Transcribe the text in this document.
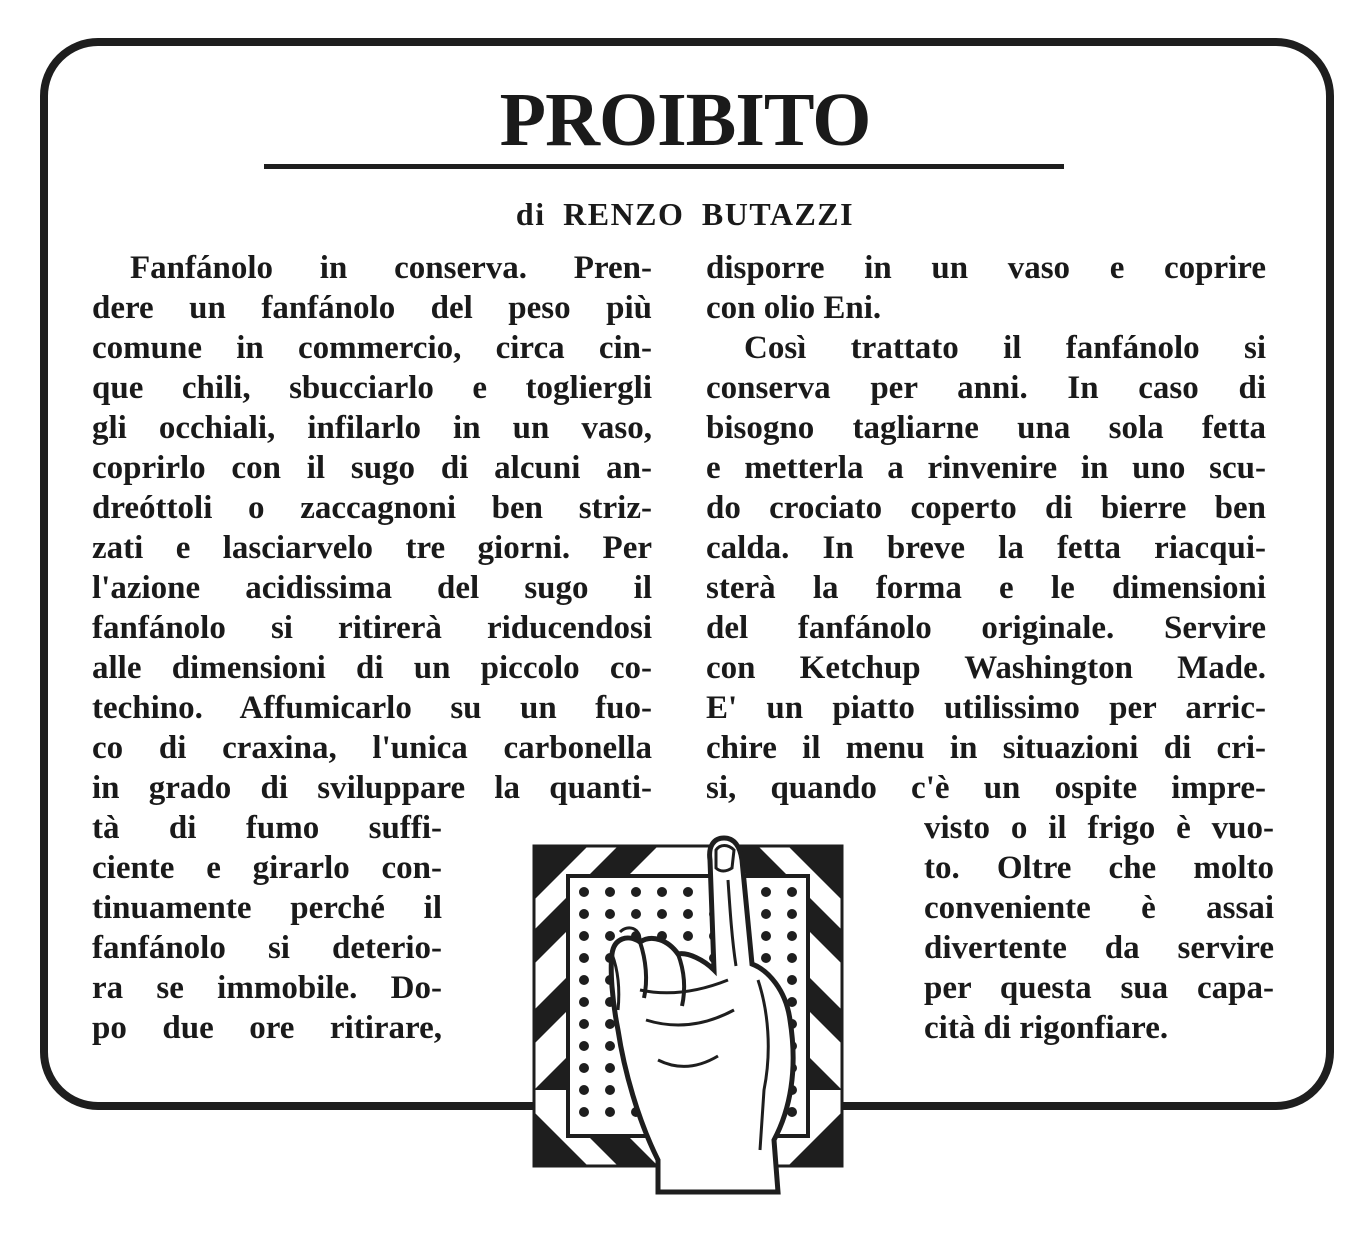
PROIBITO
di RENZO BUTAZZI
Fanfánolo in conserva. Pren-
dere un fanfánolo del peso più
comune in commercio, circa cin-
que chili, sbucciarlo e togliergli
gli occhiali, infilarlo in un vaso,
coprirlo con il sugo di alcuni an-
dreóttoli o zaccagnoni ben striz-
zati e lasciarvelo tre giorni. Per
l'azione acidissima del sugo il
fanfánolo si ritirerà riducendosi
alle dimensioni di un piccolo co-
techino. Affumicarlo su un fuo-
co di craxina, l'unica carbonella
in grado di sviluppare la quanti-
tà di fumo suffi-
ciente e girarlo con-
tinuamente perché il
fanfánolo si deterio-
ra se immobile. Do-
po due ore ritirare,
disporre in un vaso e coprire
con olio Eni.
Così trattato il fanfánolo si
conserva per anni. In caso di
bisogno tagliarne una sola fetta
e metterla a rinvenire in uno scu-
do crociato coperto di bierre ben
calda. In breve la fetta riacqui-
sterà la forma e le dimensioni
del fanfánolo originale. Servire
con Ketchup Washington Made.
E' un piatto utilissimo per arric-
chire il menu in situazioni di cri-
si, quando c'è un ospite impre-
visto o il frigo è vuo-
to. Oltre che molto
conveniente è assai
divertente da servire
per questa sua capa-
cità di rigonfiare.
